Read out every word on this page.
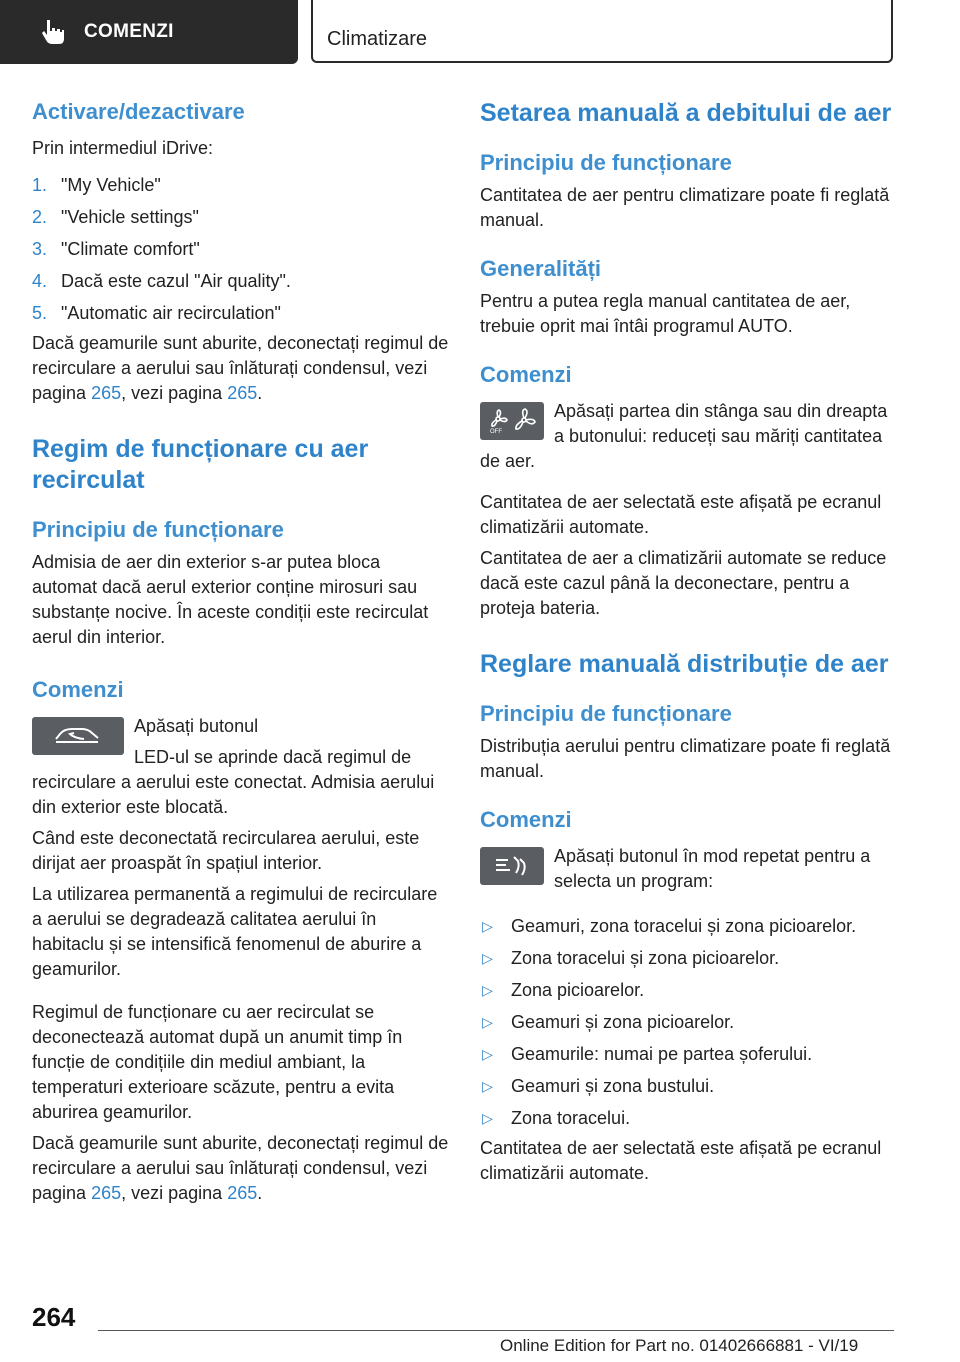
COMENZI	Climatizare
Activare/dezactivare

Prin intermediul iDrive:

1. "My Vehicle"
2. "Vehicle settings"
3. "Climate comfort"
4. Dacă este cazul "Air quality".
5. "Automatic air recirculation"

Dacă geamurile sunt aburite, deconectați regimul de recirculare a aerului sau înlăturați condensul, vezi pagina 265, vezi pagina 265.

Regim de funcționare cu aer recirculat
Principiu de funcționare

Admisia de aer din exterior s-ar putea bloca automat dacă aerul exterior conține mirosuri sau substanțe nocive. În aceste condiții este recirculat aerul din interior.

Comenzi

Apăsați butonul

LED-ul se aprinde dacă regimul de recirculare a aerului este conectat. Admisia aerului din exterior este blocată.

Când este deconectată recircularea aerului, este dirijat aer proaspăt în spațiul interior.

La utilizarea permanentă a regimului de recirculare a aerului se degradează calitatea aerului în habitaclu și se intensifică fenomenul de aburire a geamurilor.

Regimul de funcționare cu aer recirculat se deconectează automat după un anumit timp în funcție de condițiile din mediul ambiant, la temperaturi exterioare scăzute, pentru a evita aburirea geamurilor.

Dacă geamurile sunt aburite, deconectați regimul de recirculare a aerului sau înlăturați condensul, vezi pagina 265, vezi pagina 265.

Setarea manuală a debitului de aer
Principiu de funcționare

Cantitatea de aer pentru climatizare poate fi reglată manual.

Generalități

Pentru a putea regla manual cantitatea de aer, trebuie oprit mai întâi programul AUTO.

Comenzi
OFF

Apăsați partea din stânga sau din dreapta a butonului: reduceți sau măriți cantitatea de aer.

Cantitatea de aer selectată este afișată pe ecranul climatizării automate.

Cantitatea de aer a climatizării automate se reduce dacă este cazul până la deconectare, pentru a proteja bateria.

Reglare manuală distribuție de aer
Principiu de funcționare

Distribuția aerului pentru climatizare poate fi reglată manual.

Comenzi

Apăsați butonul în mod repetat pentru a selecta un program:

▷	Geamuri, zona toracelui și zona picioarelor.
▷	Zona toracelui și zona picioarelor.
▷	Zona picioarelor.
▷	Geamuri și zona picioarelor.
▷	Geamurile: numai pe partea șoferului.
▷	Geamuri și zona bustului.
▷	Zona toracelui.

Cantitatea de aer selectată este afișată pe ecranul climatizării automate.

264
Online Edition for Part no. 01402666881 - VI/19
